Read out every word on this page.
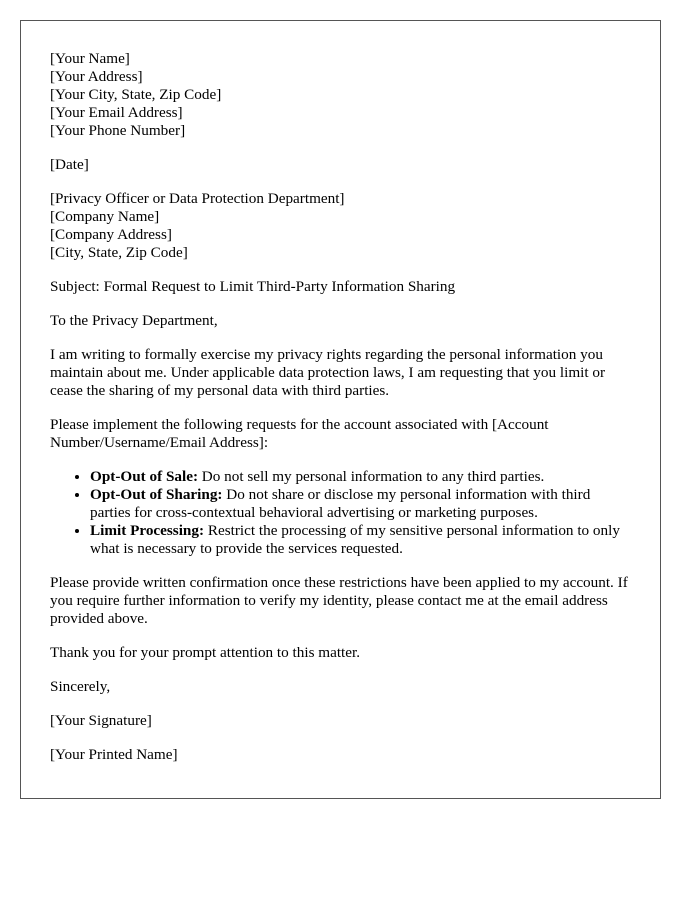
[Your Name]
[Your Address]
[Your City, State, Zip Code]
[Your Email Address]
[Your Phone Number]

[Date]

[Privacy Officer or Data Protection Department]
[Company Name]
[Company Address]
[City, State, Zip Code]

Subject: Formal Request to Limit Third-Party Information Sharing

To the Privacy Department,

I am writing to formally exercise my privacy rights regarding the personal information you maintain about me. Under applicable data protection laws, I am requesting that you limit or cease the sharing of my personal data with third parties.

Please implement the following requests for the account associated with [Account Number/Username/Email Address]:

• Opt-Out of Sale: Do not sell my personal information to any third parties.
• Opt-Out of Sharing: Do not share or disclose my personal information with third parties for cross-contextual behavioral advertising or marketing purposes.
• Limit Processing: Restrict the processing of my sensitive personal information to only what is necessary to provide the services requested.

Please provide written confirmation once these restrictions have been applied to my account. If you require further information to verify my identity, please contact me at the email address provided above.

Thank you for your prompt attention to this matter.

Sincerely,

[Your Signature]

[Your Printed Name]
